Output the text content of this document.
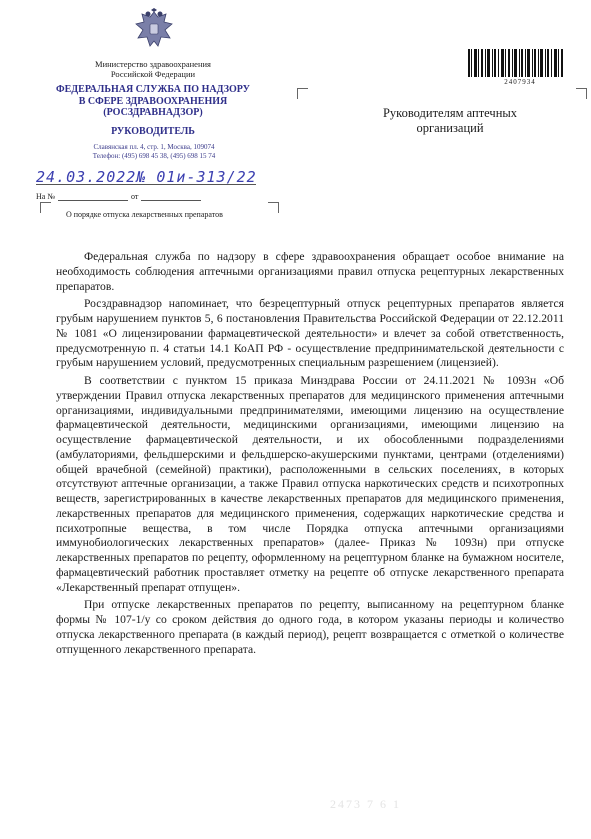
Министерство здравоохранения
Российской Федерации
ФЕДЕРАЛЬНАЯ СЛУЖБА ПО НАДЗОРУ
В СФЕРЕ ЗДРАВООХРАНЕНИЯ
(РОСЗДРАВНАДЗОР)
РУКОВОДИТЕЛЬ
Славянская пл. 4, стр. 1, Москва, 109074
Телефон: (495) 698 45 38, (495) 698 15 74
24.03.2022№ 01и-313/22
На №	от
О порядке отпуска лекарственных препаратов
2407934
Руководителям аптечных
организаций

Федеральная служба по надзору в сфере здравоохранения обращает особое внимание на необходимость соблюдения аптечными организациями правил отпуска рецептурных лекарственных препаратов.

Росздравнадзор напоминает, что безрецептурный отпуск рецептурных препаратов является грубым нарушением пунктов 5, 6 постановления Правительства Российской Федерации от 22.12.2011 № 1081 «О лицензировании фармацевтической деятельности» и влечет за собой ответственность, предусмотренную п. 4 статьи 14.1 КоАП РФ - осуществление предпринимательской деятельности с грубым нарушением условий, предусмотренных специальным разрешением (лицензией).

В соответствии с пунктом 15 приказа Минздрава России от 24.11.2021 № 1093н «Об утверждении Правил отпуска лекарственных препаратов для медицинского применения аптечными организациями, индивидуальными предпринимателями, имеющими лицензию на осуществление фармацевтической деятельности, медицинскими организациями, имеющими лицензию на осуществление фармацевтической деятельности, и их обособленными подразделениями (амбулаториями, фельдшерскими и фельдшерско-акушерскими пунктами, центрами (отделениями) общей врачебной (семейной) практики), расположенными в сельских поселениях, в которых отсутствуют аптечные организации, а также Правил отпуска наркотических средств и психотропных веществ, зарегистрированных в качестве лекарственных препаратов для медицинского применения, лекарственных препаратов для медицинского применения, содержащих наркотические средства и психотропные вещества, в том числе Порядка отпуска аптечными организациями иммунобиологических лекарственных препаратов» (далее- Приказ № 1093н) при отпуске лекарственных препаратов по рецепту, оформленному на рецептурном бланке на бумажном носителе, фармацевтический работник проставляет отметку на рецепте об отпуске лекарственного препарата «Лекарственный препарат отпущен».

При отпуске лекарственных препаратов по рецепту, выписанному на рецептурном бланке формы № 107-1/у со сроком действия до одного года, в котором указаны периоды и количество отпуска лекарственного препарата (в каждый период), рецепт возвращается с отметкой о количестве отпущенного лекарственного препарата.

2473 7 6 1
